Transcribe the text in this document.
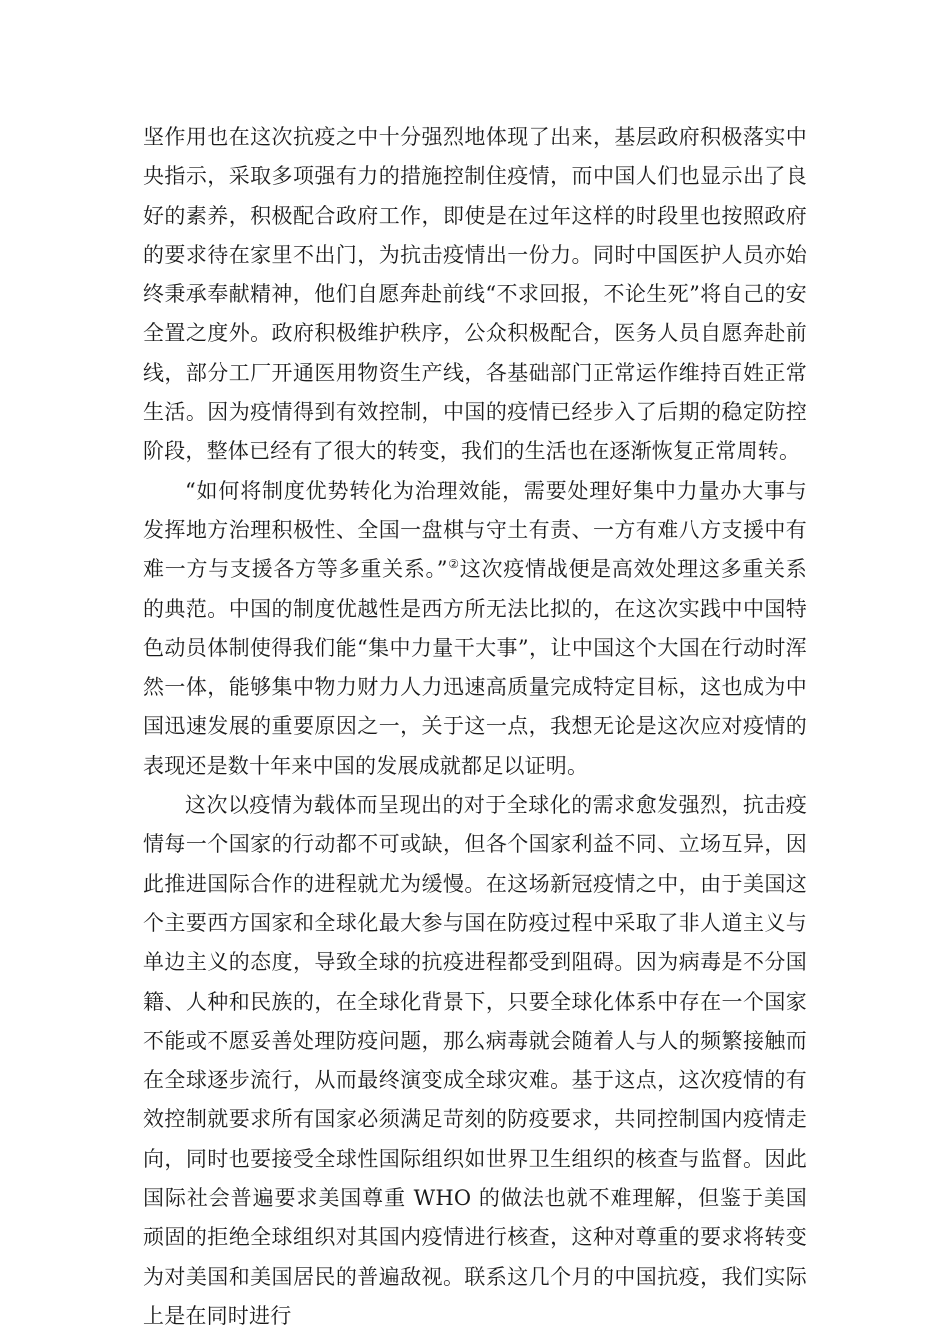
坚作用也在这次抗疫之中十分强烈地体现了出来，基层政府积极落实中央指示，采取多项强有力的措施控制住疫情，而中国人们也显示出了良好的素养，积极配合政府工作，即使是在过年这样的时段里也按照政府的要求待在家里不出门，为抗击疫情出一份力。同时中国医护人员亦始终秉承奉献精神，他们自愿奔赴前线“不求回报，不论生死”将自己的安全置之度外。政府积极维护秩序，公众积极配合，医务人员自愿奔赴前线，部分工厂开通医用物资生产线，各基础部门正常运作维持百姓正常生活。因为疫情得到有效控制，中国的疫情已经步入了后期的稳定防控阶段，整体已经有了很大的转变，我们的生活也在逐渐恢复正常周转。

“如何将制度优势转化为治理效能，需要处理好集中力量办大事与发挥地方治理积极性、全国一盘棋与守土有责、一方有难八方支援中有难一方与支援各方等多重关系。”②这次疫情战便是高效处理这多重关系的典范。中国的制度优越性是西方所无法比拟的，在这次实践中中国特色动员体制使得我们能“集中力量干大事”，让中国这个大国在行动时浑然一体，能够集中物力财力人力迅速高质量完成特定目标，这也成为中国迅速发展的重要原因之一，关于这一点，我想无论是这次应对疫情的表现还是数十年来中国的发展成就都足以证明。

这次以疫情为载体而呈现出的对于全球化的需求愈发强烈，抗击疫情每一个国家的行动都不可或缺，但各个国家利益不同、立场互异，因此推进国际合作的进程就尤为缓慢。在这场新冠疫情之中，由于美国这个主要西方国家和全球化最大参与国在防疫过程中采取了非人道主义与单边主义的态度，导致全球的抗疫进程都受到阻碍。因为病毒是不分国籍、人种和民族的，在全球化背景下，只要全球化体系中存在一个国家不能或不愿妥善处理防疫问题，那么病毒就会随着人与人的频繁接触而在全球逐步流行，从而最终演变成全球灾难。基于这点，这次疫情的有效控制就要求所有国家必须满足苛刻的防疫要求，共同控制国内疫情走向，同时也要接受全球性国际组织如世界卫生组织的核查与监督。因此国际社会普遍要求美国尊重 WHO 的做法也就不难理解，但鉴于美国顽固的拒绝全球组织对其国内疫情进行核查，这种对尊重的要求将转变为对美国和美国居民的普遍敌视。联系这几个月的中国抗疫，我们实际上是在同时进行
